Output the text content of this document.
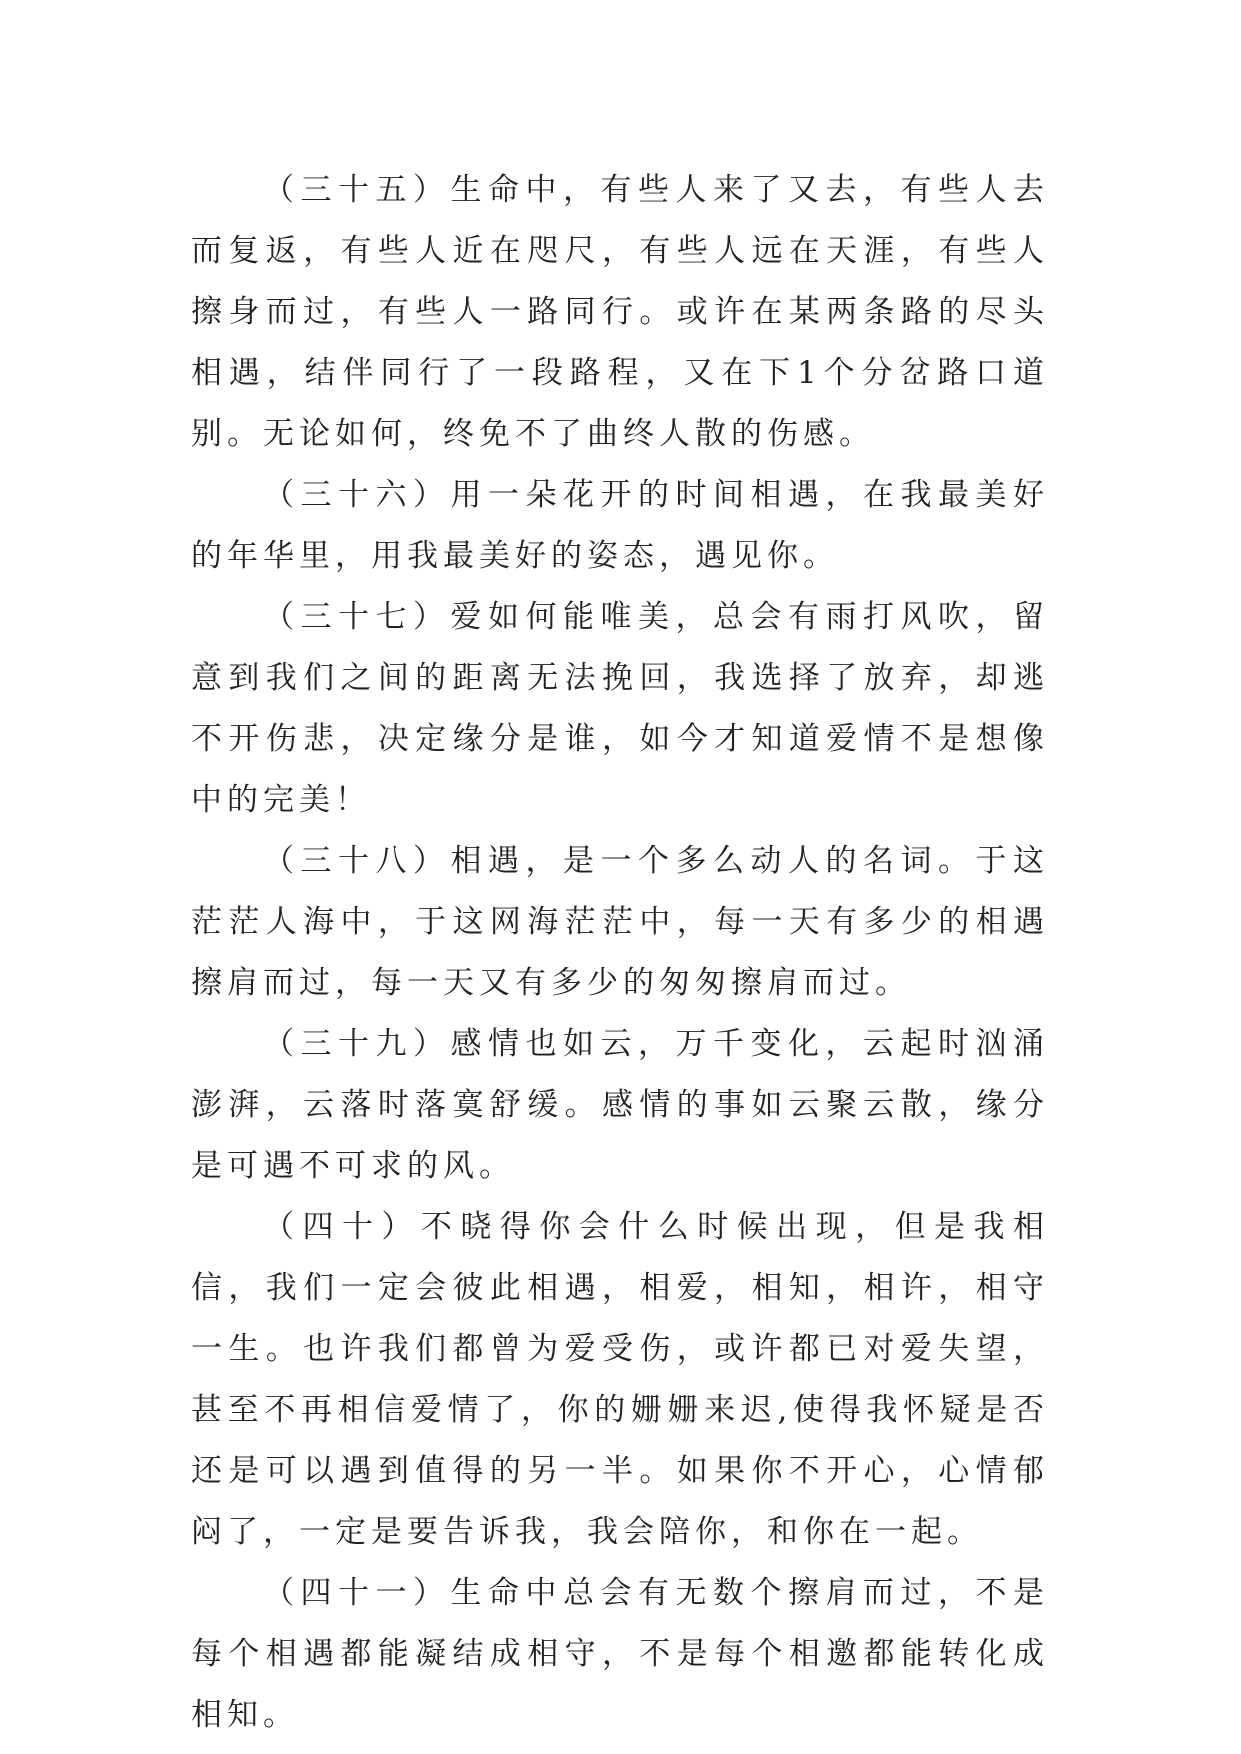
（三十五）生命中，有些人来了又去，有些人去而复返，有些人近在咫尺，有些人远在天涯，有些人擦身而过，有些人一路同行。或许在某两条路的尽头相遇，结伴同行了一段路程，又在下1个分岔路口道别。无论如何，终免不了曲终人散的伤感。

（三十六）用一朵花开的时间相遇，在我最美好的年华里，用我最美好的姿态，遇见你。

（三十七）爱如何能唯美，总会有雨打风吹，留意到我们之间的距离无法挽回，我选择了放弃，却逃不开伤悲，决定缘分是谁，如今才知道爱情不是想像中的完美！

（三十八）相遇，是一个多么动人的名词。于这茫茫人海中，于这网海茫茫中，每一天有多少的相遇擦肩而过，每一天又有多少的匆匆擦肩而过。

（三十九）感情也如云，万千变化，云起时汹涌澎湃，云落时落寞舒缓。感情的事如云聚云散，缘分是可遇不可求的风。

（四十）不晓得你会什么时候出现，但是我相信，我们一定会彼此相遇，相爱，相知，相许，相守一生。也许我们都曾为爱受伤，或许都已对爱失望，甚至不再相信爱情了，你的姗姗来迟,使得我怀疑是否还是可以遇到值得的另一半。如果你不开心，心情郁闷了，一定是要告诉我，我会陪你，和你在一起。

（四十一）生命中总会有无数个擦肩而过，不是每个相遇都能凝结成相守，不是每个相邀都能转化成相知。
